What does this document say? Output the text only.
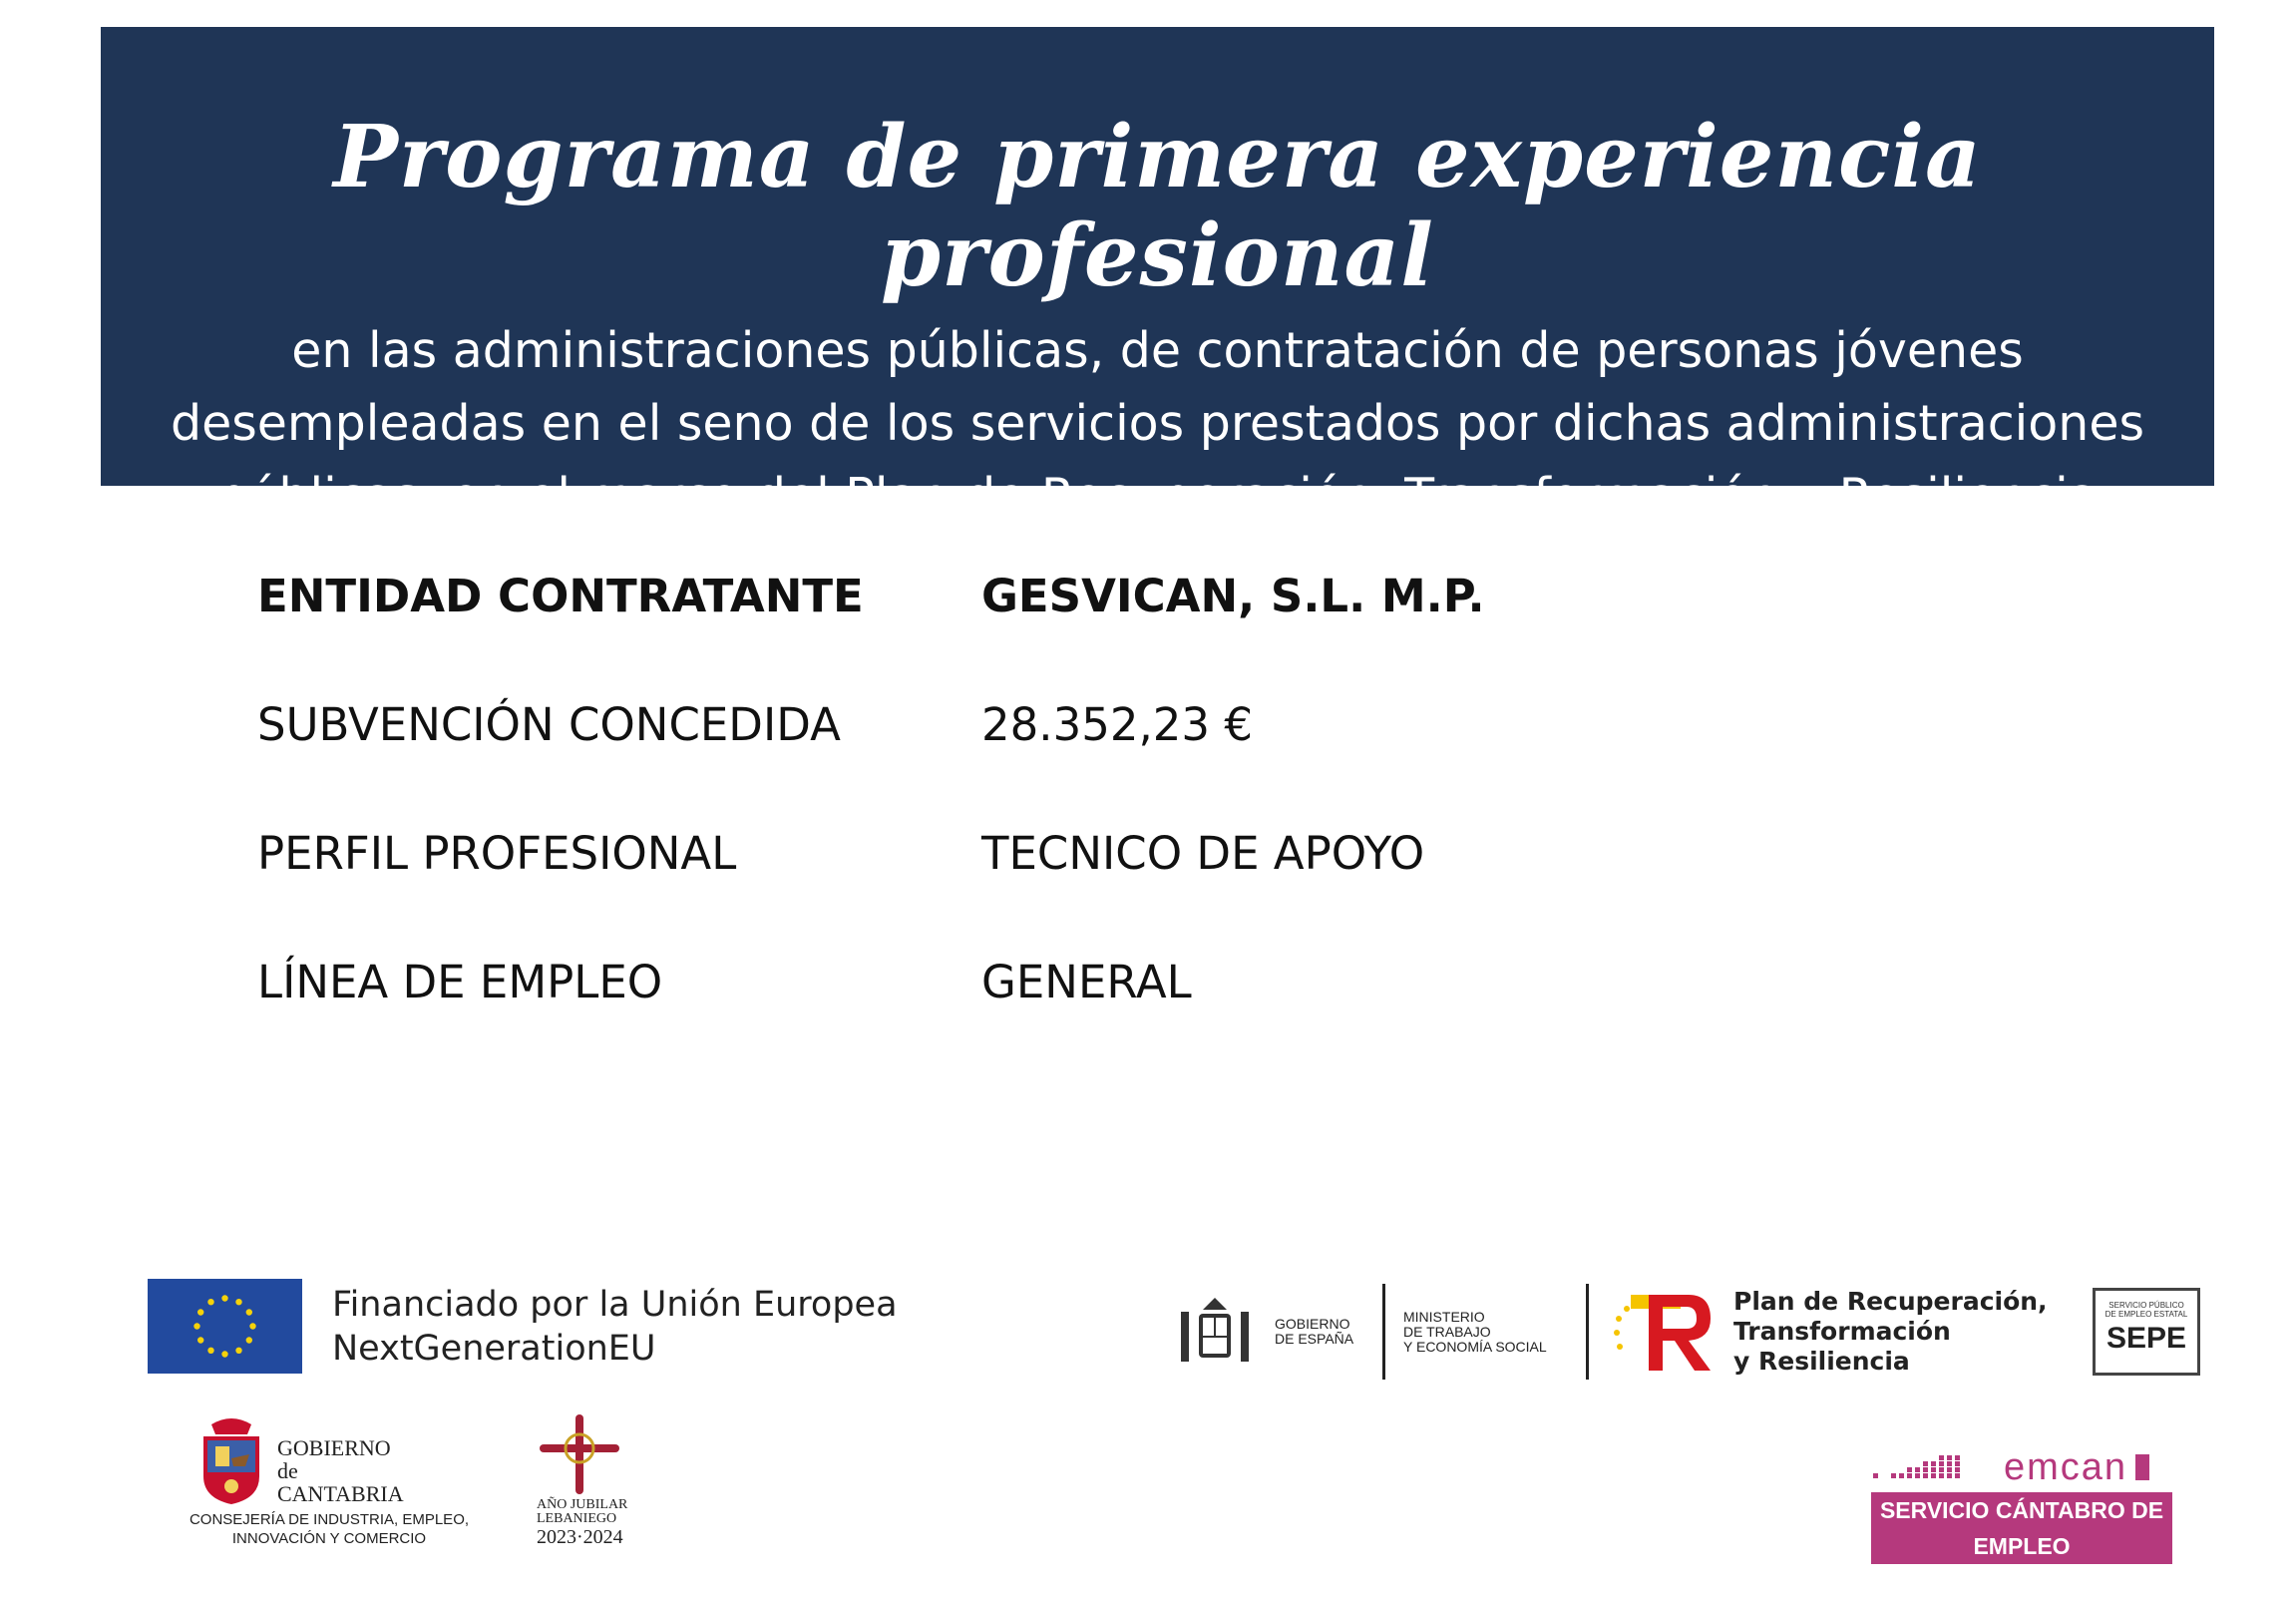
Programa de primera experiencia profesional
en las administraciones públicas, de contratación de personas jóvenes desempleadas en el seno de los servicios prestados por dichas administraciones públicas, en el marco del Plan de Recuperación, Transformación y Resiliencia
ENTIDAD CONTRATANTE	GESVICAN, S.L. M.P.
SUBVENCIÓN CONCEDIDA	28.352,23 €
PERFIL PROFESIONAL	TECNICO DE APOYO
LÍNEA DE EMPLEO	GENERAL
Financiado por la Unión Europea
NextGenerationEU
GOBIERNO
DE ESPAÑA
MINISTERIO
DE TRABAJO
Y ECONOMÍA SOCIAL
Plan de Recuperación,
Transformación
y Resiliencia
SERVICIO PÚBLICO
DE EMPLEO ESTATAL
SEPE
GOBIERNO
de
CANTABRIA
CONSEJERÍA DE INDUSTRIA, EMPLEO,
INNOVACIÓN Y COMERCIO
AÑO JUBILAR
LEBANIEGO
2023·2024
emcan
SERVICIO CÁNTABRO DE EMPLEO
